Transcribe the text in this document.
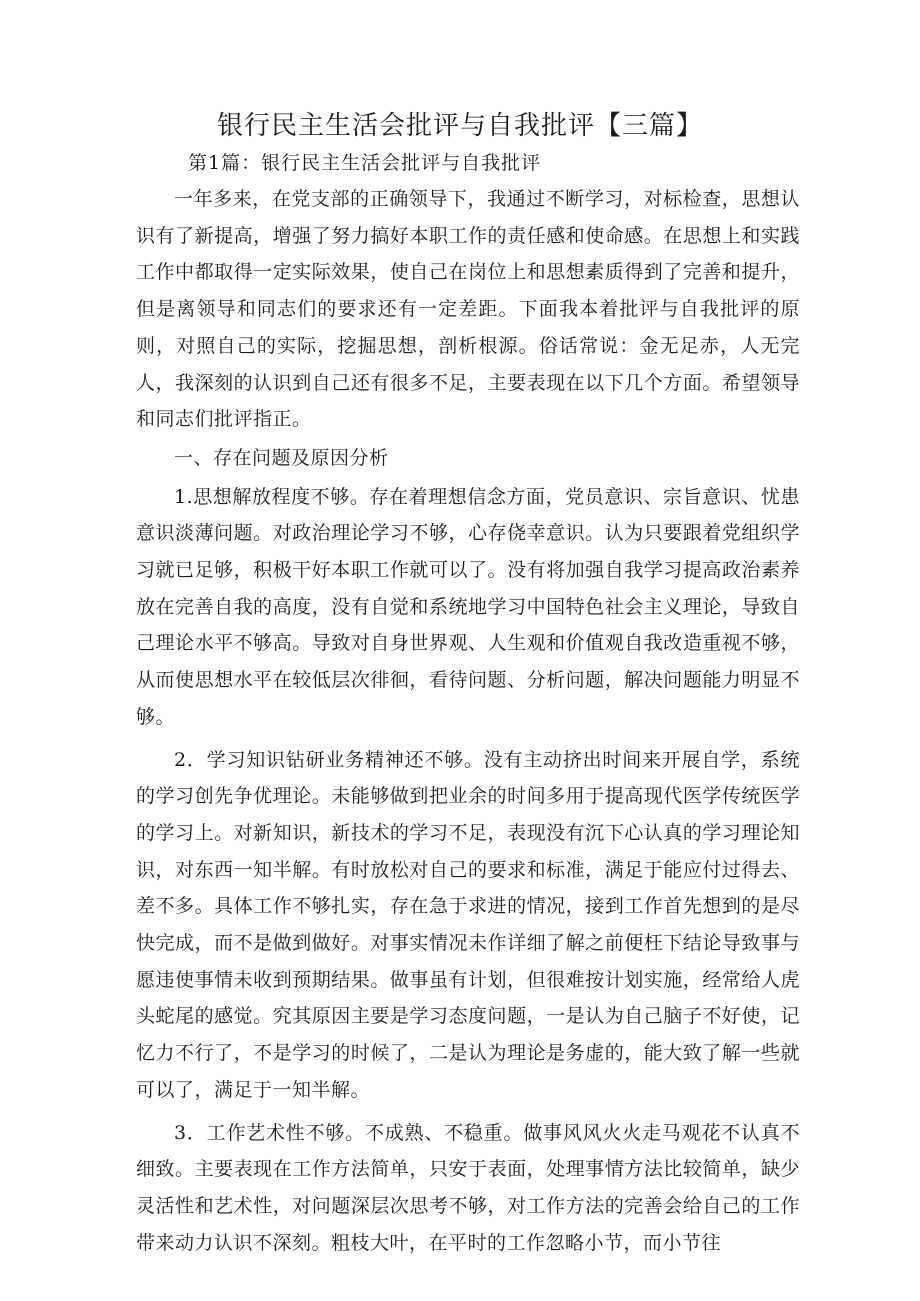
银行民主生活会批评与自我批评【三篇】

第1篇：银行民主生活会批评与自我批评

一年多来，在党支部的正确领导下，我通过不断学习，对标检查，思想认识有了新提高，增强了努力搞好本职工作的责任感和使命感。在思想上和实践工作中都取得一定实际效果，使自己在岗位上和思想素质得到了完善和提升，但是离领导和同志们的要求还有一定差距。下面我本着批评与自我批评的原则，对照自己的实际，挖掘思想，剖析根源。俗话常说：金无足赤，人无完人，我深刻的认识到自己还有很多不足，主要表现在以下几个方面。希望领导和同志们批评指正。

一、存在问题及原因分析

1.思想解放程度不够。存在着理想信念方面，党员意识、宗旨意识、忧患意识淡薄问题。对政治理论学习不够，心存侥幸意识。认为只要跟着党组织学习就已足够，积极干好本职工作就可以了。没有将加强自我学习提高政治素养放在完善自我的高度，没有自觉和系统地学习中国特色社会主义理论，导致自己理论水平不够高。导致对自身世界观、人生观和价值观自我改造重视不够，从而使思想水平在较低层次徘徊，看待问题、分析问题，解决问题能力明显不够。

2．学习知识钻研业务精神还不够。没有主动挤出时间来开展自学，系统的学习创先争优理论。未能够做到把业余的时间多用于提高现代医学传统医学的学习上。对新知识，新技术的学习不足，表现没有沉下心认真的学习理论知识，对东西一知半解。有时放松对自己的要求和标准，满足于能应付过得去、差不多。具体工作不够扎实，存在急于求进的情况，接到工作首先想到的是尽快完成，而不是做到做好。对事实情况未作详细了解之前便枉下结论导致事与愿违使事情未收到预期结果。做事虽有计划，但很难按计划实施，经常给人虎头蛇尾的感觉。究其原因主要是学习态度问题，一是认为自己脑子不好使，记忆力不行了，不是学习的时候了，二是认为理论是务虚的，能大致了解一些就可以了，满足于一知半解。

3．工作艺术性不够。不成熟、不稳重。做事风风火火走马观花不认真不细致。主要表现在工作方法简单，只安于表面，处理事情方法比较简单，缺少灵活性和艺术性，对问题深层次思考不够，对工作方法的完善会给自己的工作带来动力认识不深刻。粗枝大叶，在平时的工作忽略小节，而小节往
